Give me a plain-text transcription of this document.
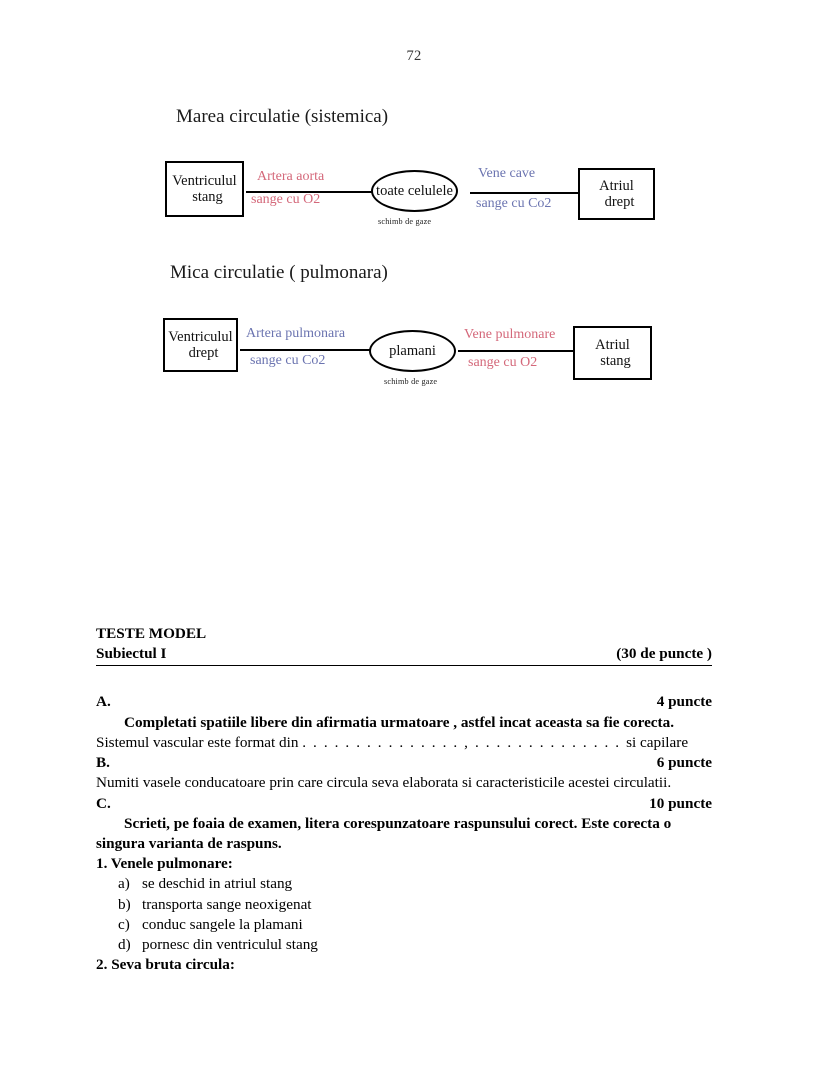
72
Marea circulatie (sistemica)
Ventriculul
stang
Artera aorta
sange cu O2
toate celulele
schimb de gaze
Vene cave
sange cu Co2
Atriul
drept
Mica circulatie ( pulmonara)
Ventriculul
drept
Artera pulmonara
sange cu Co2
plamani
schimb de gaze
Vene pulmonare
sange cu O2
Atriul
stang
TESTE MODEL
Subiectul I	(30 de puncte )
A.	4 puncte
Completati spatiile libere din afirmatia urmatoare , astfel incat aceasta sa fie corecta.
Sistemul vascular este format din . . . . . . . . . . . . . . . , . . . . . . . . . . . . . . si capilare
B.	6 puncte
Numiti vasele conducatoare prin care circula seva elaborata si caracteristicile acestei circulatii.
C.	10 puncte
Scrieti, pe foaia de examen, litera corespunzatoare raspunsului corect. Este corecta o
singura varianta de raspuns.
1. Venele pulmonare:
a) se deschid in atriul stang
b) transporta sange neoxigenat
c) conduc sangele la plamani
d) pornesc din ventriculul stang
2. Seva bruta circula:
